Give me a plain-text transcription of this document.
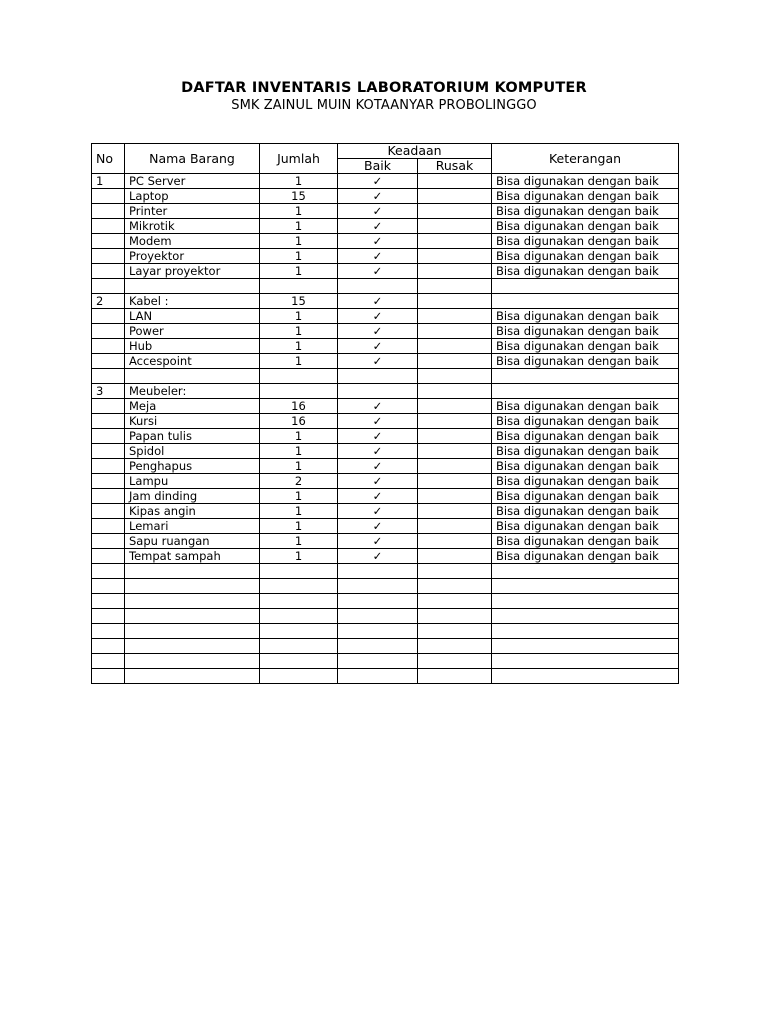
DAFTAR INVENTARIS LABORATORIUM KOMPUTER
SMK ZAINUL MUIN KOTAANYAR PROBOLINGGO
No	Nama Barang	Jumlah	Keadaan		Keterangan
			Baik	Rusak	
1	PC Server	1	✓		Bisa digunakan dengan baik
	Laptop	15	✓		Bisa digunakan dengan baik
	Printer	1	✓		Bisa digunakan dengan baik
	Mikrotik	1	✓		Bisa digunakan dengan baik
	Modem	1	✓		Bisa digunakan dengan baik
	Proyektor	1	✓		Bisa digunakan dengan baik
	Layar proyektor	1	✓		Bisa digunakan dengan baik

2	Kabel :	15	✓		
	LAN	1	✓		Bisa digunakan dengan baik
	Power	1	✓		Bisa digunakan dengan baik
	Hub	1	✓		Bisa digunakan dengan baik
	Accespoint	1	✓		Bisa digunakan dengan baik

3	Meubeler:				
	Meja	16	✓		Bisa digunakan dengan baik
	Kursi	16	✓		Bisa digunakan dengan baik
	Papan tulis	1	✓		Bisa digunakan dengan baik
	Spidol	1	✓		Bisa digunakan dengan baik
	Penghapus	1	✓		Bisa digunakan dengan baik
	Lampu	2	✓		Bisa digunakan dengan baik
	Jam dinding	1	✓		Bisa digunakan dengan baik
	Kipas angin	1	✓		Bisa digunakan dengan baik
	Lemari	1	✓		Bisa digunakan dengan baik
	Sapu ruangan	1	✓		Bisa digunakan dengan baik
	Tempat sampah	1	✓		Bisa digunakan dengan baik
